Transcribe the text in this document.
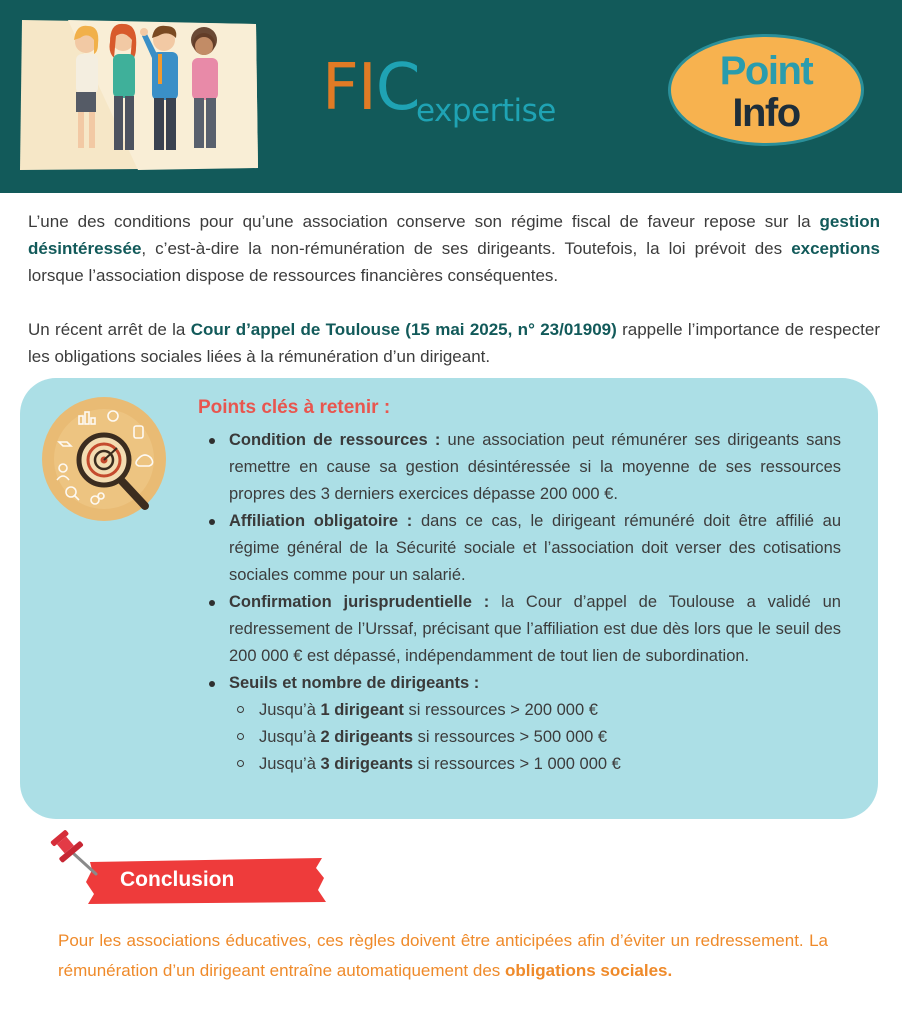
FIC
expertise
Point
Info

L’une des conditions pour qu’une association conserve son régime fiscal de faveur repose sur la gestion désintéressée, c’est-à-dire la non-rémunération de ses dirigeants. Toutefois, la loi prévoit des exceptions lorsque l’association dispose de ressources financières conséquentes.

Un récent arrêt de la Cour d’appel de Toulouse (15 mai 2025, n° 23/01909) rappelle l’importance de respecter les obligations sociales liées à la rémunération d’un dirigeant.

Points clés à retenir :
Condition de ressources : une association peut rémunérer ses dirigeants sans remettre en cause sa gestion désintéressée si la moyenne de ses ressources propres des 3 derniers exercices dépasse 200 000 €.
Affiliation obligatoire : dans ce cas, le dirigeant rémunéré doit être affilié au régime général de la Sécurité sociale et l’association doit verser des cotisations sociales comme pour un salarié.
Confirmation jurisprudentielle : la Cour d’appel de Toulouse a validé un redressement de l’Urssaf, précisant que l’affiliation est due dès lors que le seuil des 200 000 € est dépassé, indépendamment de tout lien de subordination.
Seuils et nombre de dirigeants :
Jusqu’à 1 dirigeant si ressources > 200 000 €
Jusqu’à 2 dirigeants si ressources > 500 000 €
Jusqu’à 3 dirigeants si ressources > 1 000 000 €
Conclusion

Pour les associations éducatives, ces règles doivent être anticipées afin d’éviter un redressement. La rémunération d’un dirigeant entraîne automatiquement des obligations sociales.
